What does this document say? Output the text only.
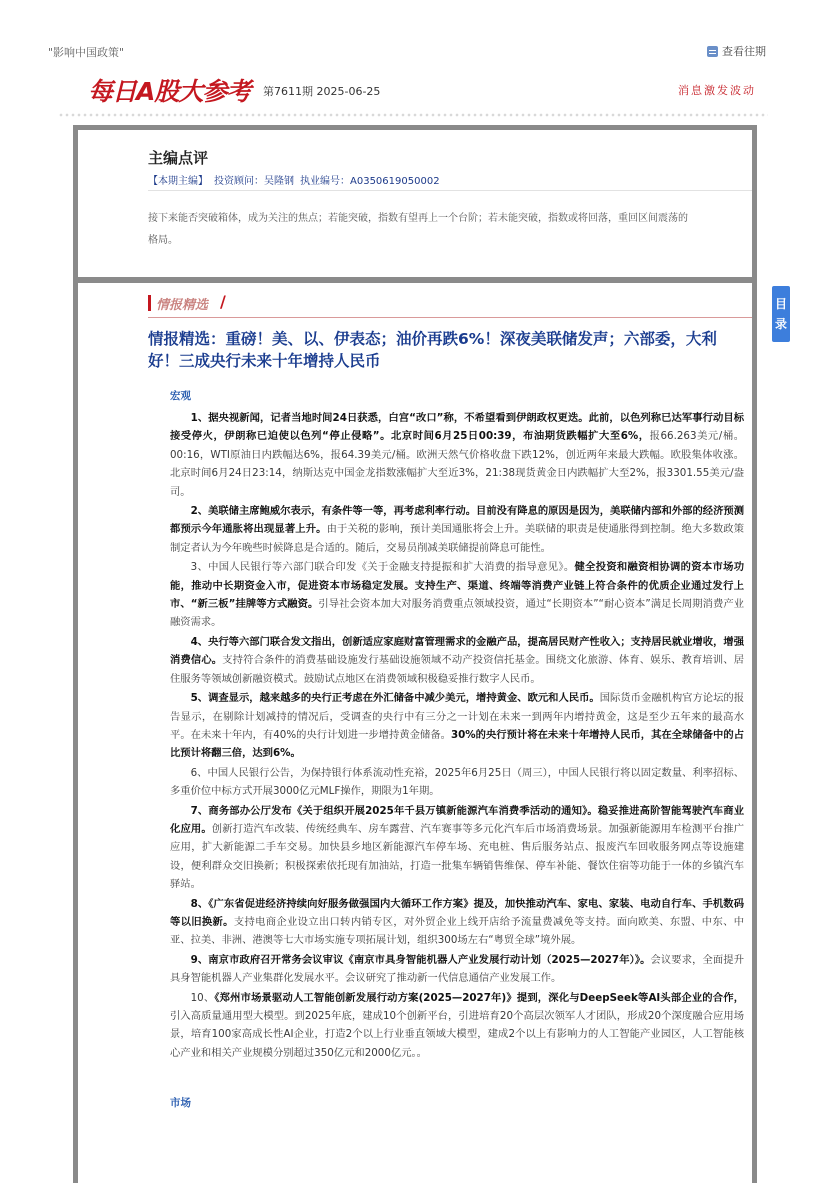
"影响中国政策"	查看往期
每日A股大参考 第7611期 2025-06-25	消息激发波动
主编点评
【本期主编】 投资顾问：吴隆钢 执业编号：A0350619050002
接下来能否突破箱体，成为关注的焦点；若能突破，指数有望再上一个台阶；若未能突破，指数或将回落，重回区间震荡的格局。
情报精选 /
情报精选：重磅！美、以、伊表态；油价再跌6%！深夜美联储发声；六部委，大利好！三成央行未来十年增持人民币
宏观

1、据央视新闻，记者当地时间24日获悉，白宫“改口”称，不希望看到伊朗政权更迭。此前，以色列称已达军事行动目标接受停火，伊朗称已迫使以色列“停止侵略”。北京时间6月25日00:39，布油期货跌幅扩大至6%，报66.263美元/桶。00:16，WTI原油日内跌幅达6%，报64.39美元/桶。欧洲天然气价格收盘下跌12%，创近两年来最大跌幅。欧股集体收涨。北京时间6月24日23:14，纳斯达克中国金龙指数涨幅扩大至近3%，21:38现货黄金日内跌幅扩大至2%，报3301.55美元/盎司。

2、美联储主席鲍威尔表示，有条件等一等，再考虑利率行动。目前没有降息的原因是因为，美联储内部和外部的经济预测都预示今年通胀将出现显著上升。由于关税的影响，预计美国通胀将会上升。美联储的职责是使通胀得到控制。绝大多数政策制定者认为今年晚些时候降息是合适的。随后，交易员削减美联储提前降息可能性。

3、中国人民银行等六部门联合印发《关于金融支持提振和扩大消费的指导意见》。健全投资和融资相协调的资本市场功能，推动中长期资金入市，促进资本市场稳定发展。支持生产、渠道、终端等消费产业链上符合条件的优质企业通过发行上市、“新三板”挂牌等方式融资。引导社会资本加大对服务消费重点领域投资，通过“长期资本”“耐心资本”满足长周期消费产业融资需求。

4、央行等六部门联合发文指出，创新适应家庭财富管理需求的金融产品，提高居民财产性收入；支持居民就业增收，增强消费信心。支持符合条件的消费基础设施发行基础设施领域不动产投资信托基金。围绕文化旅游、体育、娱乐、教育培训、居住服务等领域创新融资模式。鼓励试点地区在消费领域积极稳妥推行数字人民币。

5、调查显示，越来越多的央行正考虑在外汇储备中减少美元，增持黄金、欧元和人民币。国际货币金融机构官方论坛的报告显示，在剔除计划减持的情况后，受调查的央行中有三分之一计划在未来一到两年内增持黄金，这是至少五年来的最高水平。在未来十年内，有40%的央行计划进一步增持黄金储备。30%的央行预计将在未来十年增持人民币，其在全球储备中的占比预计将翻三倍，达到6%。

6、中国人民银行公告，为保持银行体系流动性充裕，2025年6月25日（周三），中国人民银行将以固定数量、利率招标、多重价位中标方式开展3000亿元MLF操作，期限为1年期。

7、商务部办公厅发布《关于组织开展2025年千县万镇新能源汽车消费季活动的通知》。稳妥推进高阶智能驾驶汽车商业化应用。创新打造汽车改装、传统经典车、房车露营、汽车赛事等多元化汽车后市场消费场景。加强新能源用车检测平台推广应用，扩大新能源二手车交易。加快县乡地区新能源汽车停车场、充电桩、售后服务站点、报废汽车回收服务网点等设施建设，便利群众交旧换新；积极探索依托现有加油站，打造一批集车辆销售维保、停车补能、餐饮住宿等功能于一体的乡镇汽车驿站。

8、《广东省促进经济持续向好服务做强国内大循环工作方案》提及，加快推动汽车、家电、家装、电动自行车、手机数码等以旧换新。支持电商企业设立出口转内销专区，对外贸企业上线开店给予流量费减免等支持。面向欧美、东盟、中东、中亚、拉美、非洲、港澳等七大市场实施专项拓展计划，组织300场左右“粤贸全球”境外展。

9、南京市政府召开常务会议审议《南京市具身智能机器人产业发展行动计划（2025—2027年）》。会议要求，全面提升具身智能机器人产业集群化发展水平。会议研究了推动新一代信息通信产业发展工作。

10、《郑州市场景驱动人工智能创新发展行动方案(2025—2027年)》提到，深化与DeepSeek等AI头部企业的合作，引入高质量通用型大模型。到2025年底，建成10个创新平台，引进培育20个高层次领军人才团队，形成20个深度融合应用场景，培育100家高成长性AI企业，打造2个以上行业垂直领域大模型，建成2个以上有影响力的人工智能产业园区，人工智能核心产业和相关产业规模分别超过350亿元和2000亿元。。

市场
目
录
